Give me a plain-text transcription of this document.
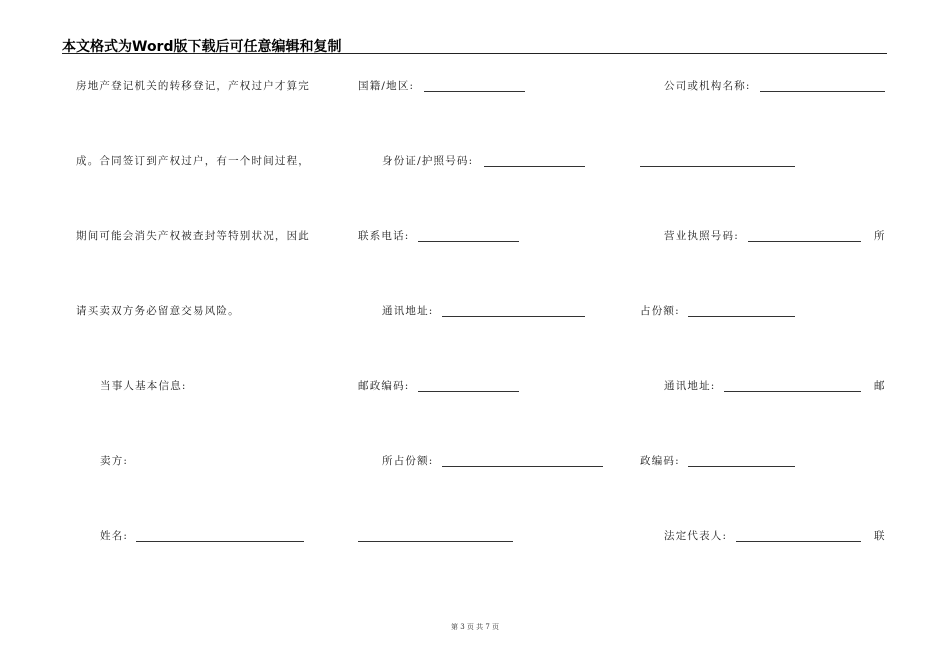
本文格式为Word版下载后可任意编辑和复制
房地产登记机关的转移登记，产权过户才算完
成。合同签订到产权过户，有一个时间过程，
期间可能会消失产权被查封等特别状况，因此
请买卖双方务必留意交易风险。
当事人基本信息:
卖方:
姓名:
国籍/地区:
身份证/护照号码:
联系电话:
通讯地址:
邮政编码:
所占份额:
公司或机构名称:
营业执照号码:	所
占份额:
通讯地址:	邮
政编码:
法定代表人:	联
第 3 页 共 7 页
